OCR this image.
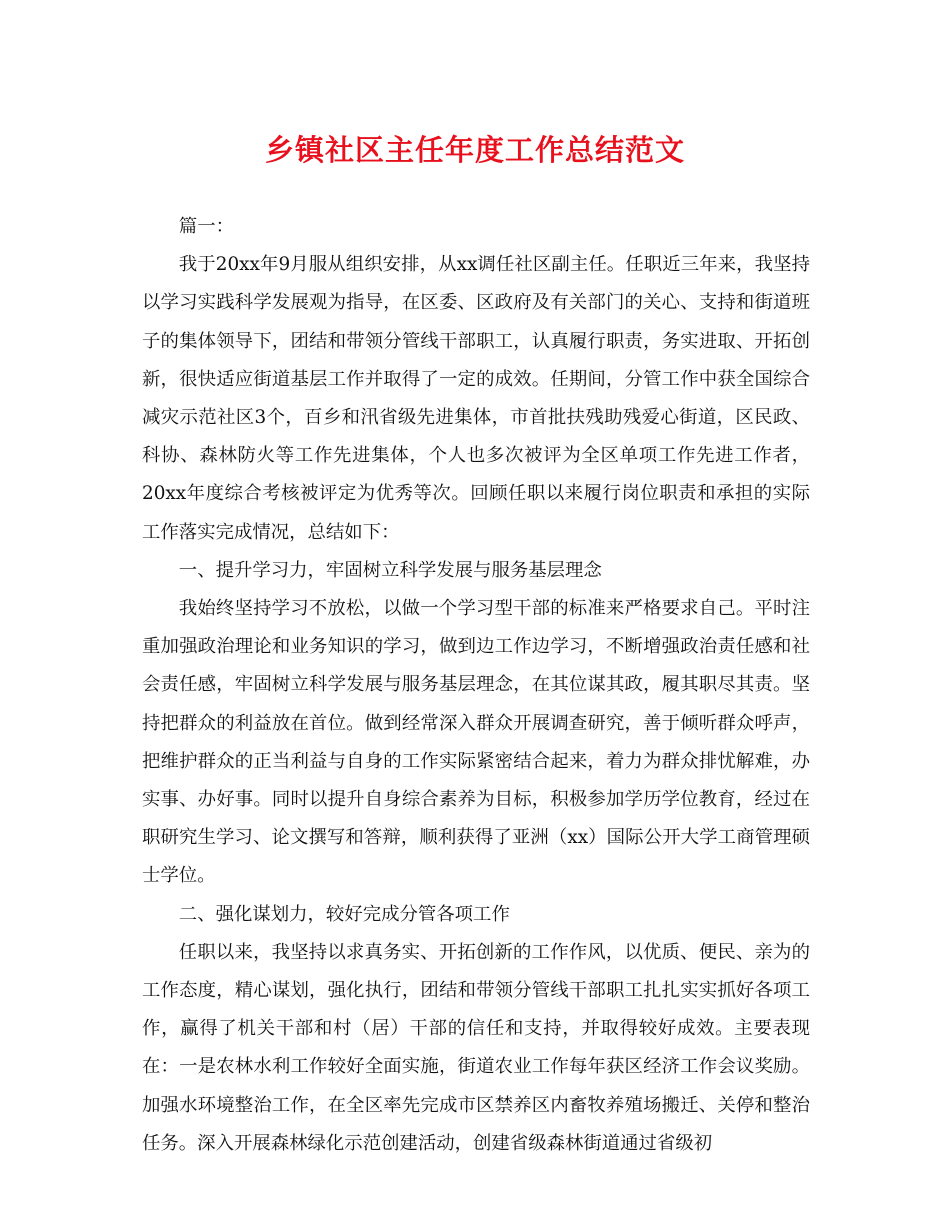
乡镇社区主任年度工作总结范文

篇一：

我于20xx年9月服从组织安排，从xx调任社区副主任。任职近三年来，我坚持以学习实践科学发展观为指导，在区委、区政府及有关部门的关心、支持和街道班子的集体领导下，团结和带领分管线干部职工，认真履行职责，务实进取、开拓创新，很快适应街道基层工作并取得了一定的成效。任期间，分管工作中获全国综合减灾示范社区3个，百乡和汛省级先进集体，市首批扶残助残爱心街道，区民政、科协、森林防火等工作先进集体，个人也多次被评为全区单项工作先进工作者，20xx年度综合考核被评定为优秀等次。回顾任职以来履行岗位职责和承担的实际工作落实完成情况，总结如下：

一、提升学习力，牢固树立科学发展与服务基层理念

我始终坚持学习不放松，以做一个学习型干部的标准来严格要求自己。平时注重加强政治理论和业务知识的学习，做到边工作边学习，不断增强政治责任感和社会责任感，牢固树立科学发展与服务基层理念，在其位谋其政，履其职尽其责。坚持把群众的利益放在首位。做到经常深入群众开展调查研究，善于倾听群众呼声，把维护群众的正当利益与自身的工作实际紧密结合起来，着力为群众排忧解难，办实事、办好事。同时以提升自身综合素养为目标，积极参加学历学位教育，经过在职研究生学习、论文撰写和答辩，顺利获得了亚洲（xx）国际公开大学工商管理硕士学位。

二、强化谋划力，较好完成分管各项工作

任职以来，我坚持以求真务实、开拓创新的工作作风，以优质、便民、亲为的工作态度，精心谋划，强化执行，团结和带领分管线干部职工扎扎实实抓好各项工作，赢得了机关干部和村（居）干部的信任和支持，并取得较好成效。主要表现在：一是农林水利工作较好全面实施，街道农业工作每年获区经济工作会议奖励。加强水环境整治工作，在全区率先完成市区禁养区内畜牧养殖场搬迁、关停和整治任务。深入开展森林绿化示范创建活动，创建省级森林街道通过省级初
